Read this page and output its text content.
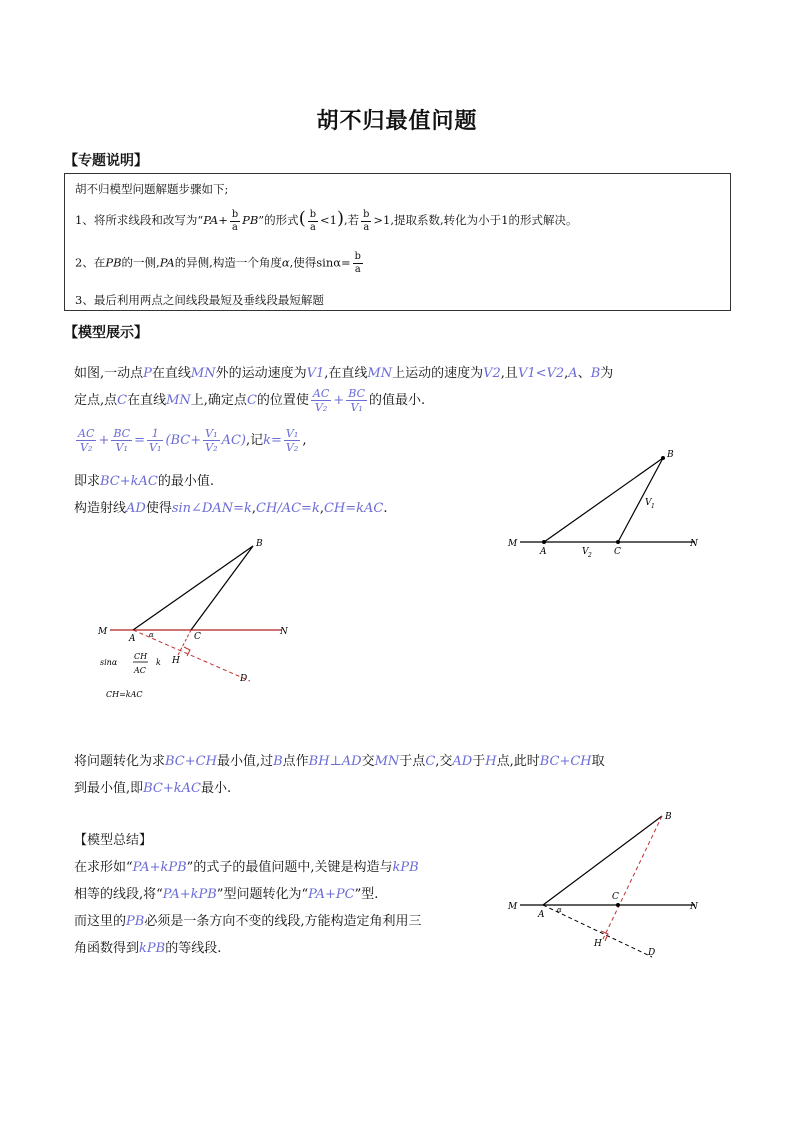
胡不归最值问题
【专题说明】
胡不归模型问题解题步骤如下;
1、将所求线段和改写为“$PA+ \frac{b}{a}$ PB”的形式( $\frac{b}{a} <1$),若 $\frac{b}{a} >1$,提取系数,转化为小于1的形式解决。
2、在PB的一侧,PA的异侧,构造一个角度α,使得$\sin\alpha= \frac{b}{a}$
3、最后利用两点之间线段最短及垂线段最短解题
【模型展示】
如图,一动点P在直线MN外的运动速度为V1,在直线MN上运动的速度为V2,且V1<V2,A、B为
定点,点C在直线MN上,确定点C的位置使 $\frac{AC}{\text{V₂}} + \frac{BC}{\text{V₁}}$ 的值最小.
$\frac{AC}{\text{V₂}} + \frac{BC}{\text{V₁}} = \frac{1}{\text{V₁}} (BC+ \frac{\text{V₁}}{\text{V₂}} AC)$,记$k= \frac{\text{V₁}}{\text{V₂}}$ ,
即求BC+kAC的最小值.
构造射线AD使得sin∠DAN=k,CH/AC=k,CH=kAC.
M
A	V 2 C
N
B
V 1
M
A α	C	N
B
H
D
sinα
CH
AC
k
CH=kAC
将问题转化为求BC+CH最小值,过B点作BH⊥AD交MN于点C,交AD于H点,此时BC+CH取
到最小值,即BC+kAC最小.
【模型总结】
在求形如“PA+kPB”的式子的最值问题中,关键是构造与kPB
相等的线段,将“PA+kPB”型问题转化为“PA+PC”型.
而这里的PB必须是一条方向不变的线段,方能构造定角利用三
角函数得到kPB的等线段.
M
A α
C
N
B
H
D
